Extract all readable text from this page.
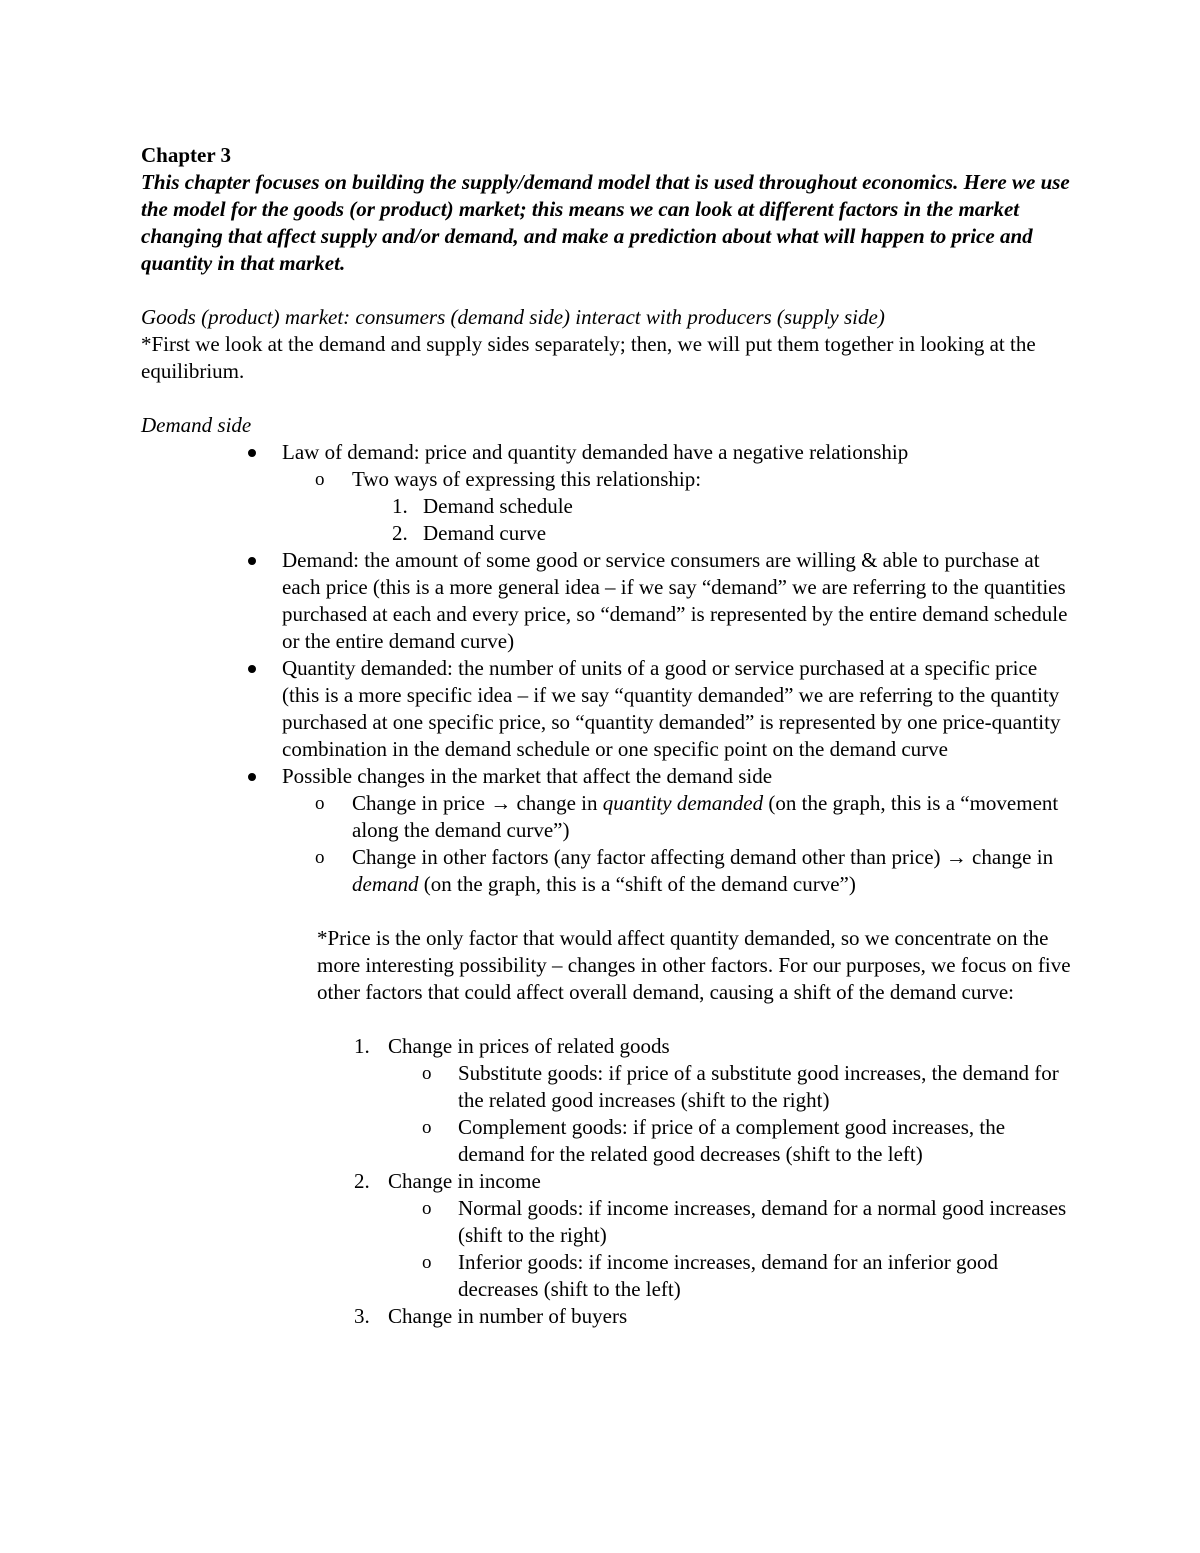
Chapter 3

This chapter focuses on building the supply/demand model that is used throughout economics. Here we use the model for the goods (or product) market; this means we can look at different factors in the market changing that affect supply and/or demand, and make a prediction about what will happen to price and quantity in that market.

Goods (product) market: consumers (demand side) interact with producers (supply side)

*First we look at the demand and supply sides separately; then, we will put them together in looking at the equilibrium.

Demand side

Law of demand: price and quantity demanded have a negative relationship
o Two ways of expressing this relationship:
1. Demand schedule
2. Demand curve
Demand: the amount of some good or service consumers are willing & able to purchase at each price (this is a more general idea – if we say “demand” we are referring to the quantities purchased at each and every price, so “demand” is represented by the entire demand schedule or the entire demand curve)
Quantity demanded: the number of units of a good or service purchased at a specific price (this is a more specific idea – if we say “quantity demanded” we are referring to the quantity purchased at one specific price, so “quantity demanded” is represented by one price-quantity combination in the demand schedule or one specific point on the demand curve
Possible changes in the market that affect the demand side
o Change in price → change in quantity demanded (on the graph, this is a “movement along the demand curve”)
o Change in other factors (any factor affecting demand other than price) → change in demand (on the graph, this is a “shift of the demand curve”)

*Price is the only factor that would affect quantity demanded, so we concentrate on the more interesting possibility – changes in other factors. For our purposes, we focus on five other factors that could affect overall demand, causing a shift of the demand curve:

1. Change in prices of related goods
o Substitute goods: if price of a substitute good increases, the demand for the related good increases (shift to the right)
o Complement goods: if price of a complement good increases, the demand for the related good decreases (shift to the left)
2. Change in income
o Normal goods: if income increases, demand for a normal good increases (shift to the right)
o Inferior goods: if income increases, demand for an inferior good decreases (shift to the left)
3. Change in number of buyers
